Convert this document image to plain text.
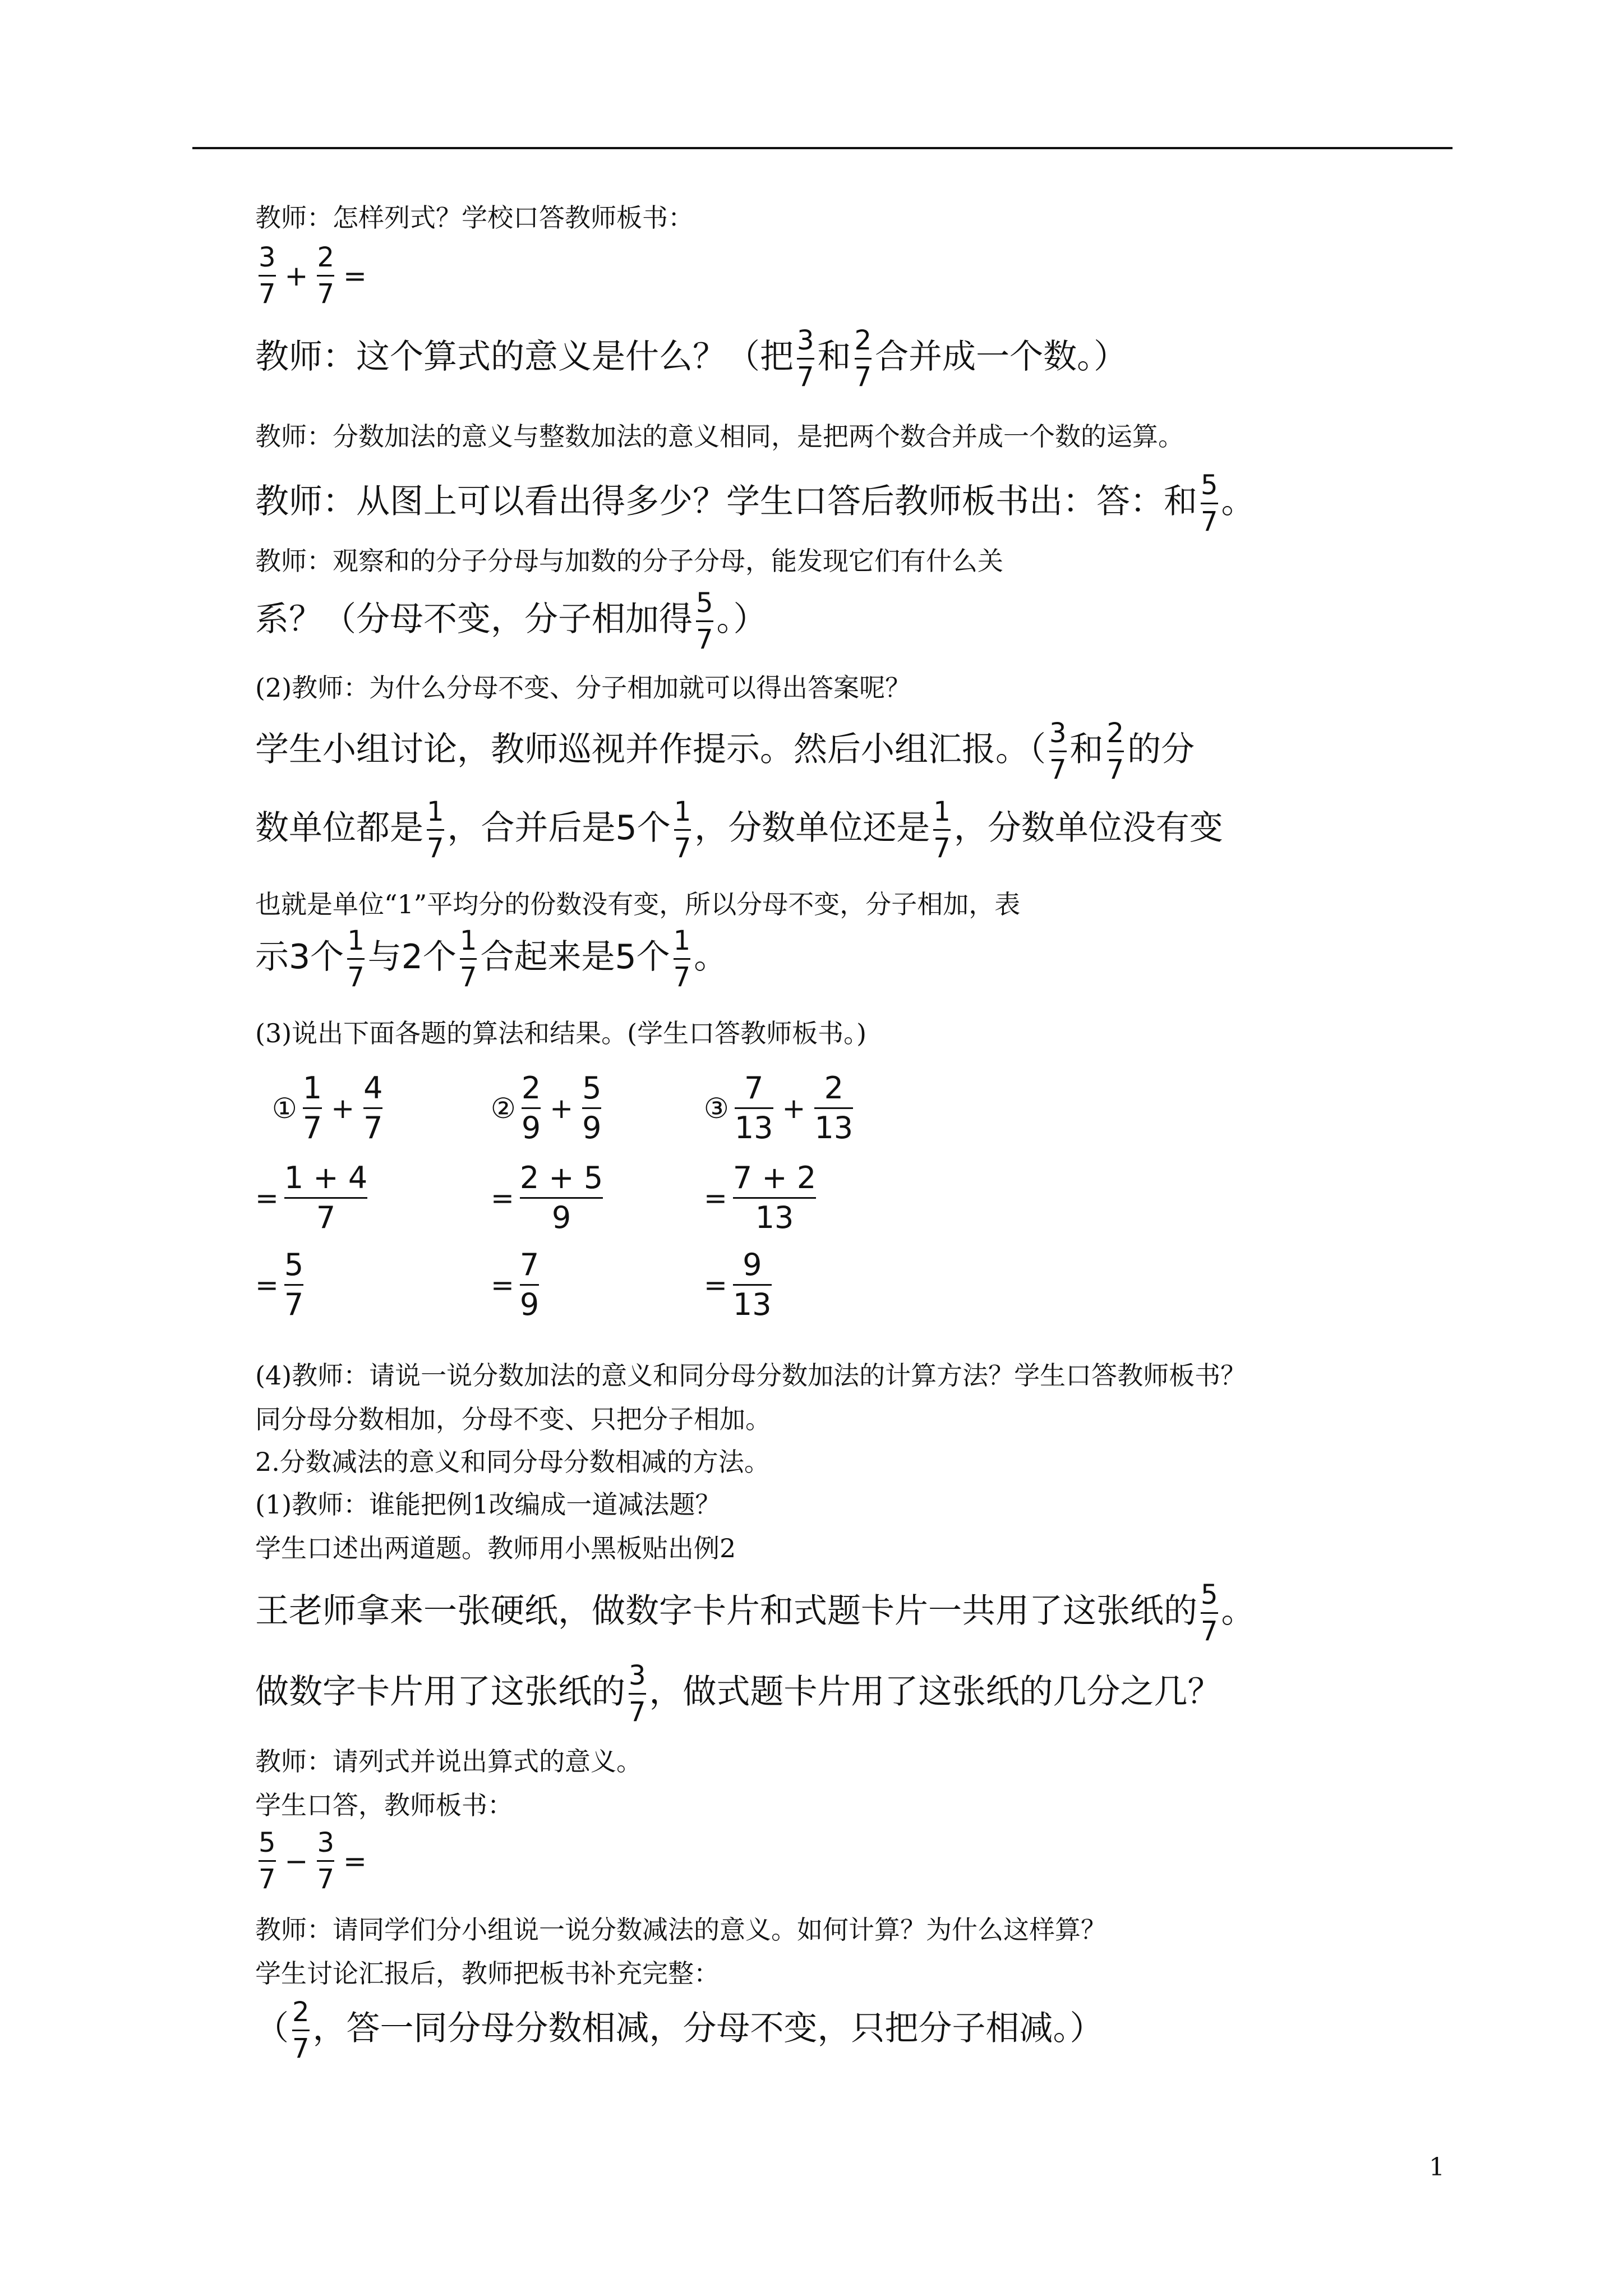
教师：怎样列式？学校口答教师板书：
$\frac{3}{7} + \frac{2}{7}$ =
教师：这个算式的意义是什么？（把 $\frac{3}{7}$ 和 $\frac{2}{7}$ 合并成一个数。）
教师：分数加法的意义与整数加法的意义相同，是把两个数合并成一个数的运算。
教师：从图上可以看出得多少？学生口答后教师板书出：答：和 $\frac{5}{7}$ 。
教师：观察和的分子分母与加数的分子分母，能发现它们有什么关
系？（分母不变，分子相加得 $\frac{5}{7}$ 。）
(2)教师：为什么分母不变、分子相加就可以得出答案呢？
学生小组讨论，教师巡视并作提示。然后小组汇报。（ $\frac{3}{7}$ 和 $\frac{2}{7}$ 的分
数单位都是 $\frac{1}{7}$ ，合并后是5个 $\frac{1}{7}$ ，分数单位还是 $\frac{1}{7}$ ，分数单位没有变
也就是单位“1”平均分的份数没有变，所以分母不变，分子相加，表
示3个 $\frac{1}{7}$ 与2个 $\frac{1}{7}$ 合起来是5个 $\frac{1}{7}$ 。
(3)说出下面各题的算法和结果。(学生口答教师板书。)
① $\frac{1}{7} + \frac{4}{7}$
= $\frac{1 + 4}{7}$
= $\frac{5}{7}$
② $\frac{2}{9} + \frac{5}{9}$
= $\frac{2 + 5}{9}$
= $\frac{7}{9}$
③ $\frac{7}{13} + \frac{2}{13}$
= $\frac{7 + 2}{13}$
= $\frac{9}{13}$
(4)教师：请说一说分数加法的意义和同分母分数加法的计算方法？学生口答教师板书？
同分母分数相加，分母不变、只把分子相加。
2.分数减法的意义和同分母分数相减的方法。
(1)教师：谁能把例1改编成一道减法题？
学生口述出两道题。教师用小黑板贴出例2
王老师拿来一张硬纸，做数字卡片和式题卡片一共用了这张纸的 $\frac{5}{7}$ 。
做数字卡片用了这张纸的 $\frac{3}{7}$ ，做式题卡片用了这张纸的几分之几？
教师：请列式并说出算式的意义。
学生口答，教师板书：
$\frac{5}{7} - \frac{3}{7}$ =
教师：请同学们分小组说一说分数减法的意义。如何计算？为什么这样算？
学生讨论汇报后，教师把板书补充完整：
（ $\frac{2}{7}$ ，答一同分母分数相减，分母不变，只把分子相减。）
1
